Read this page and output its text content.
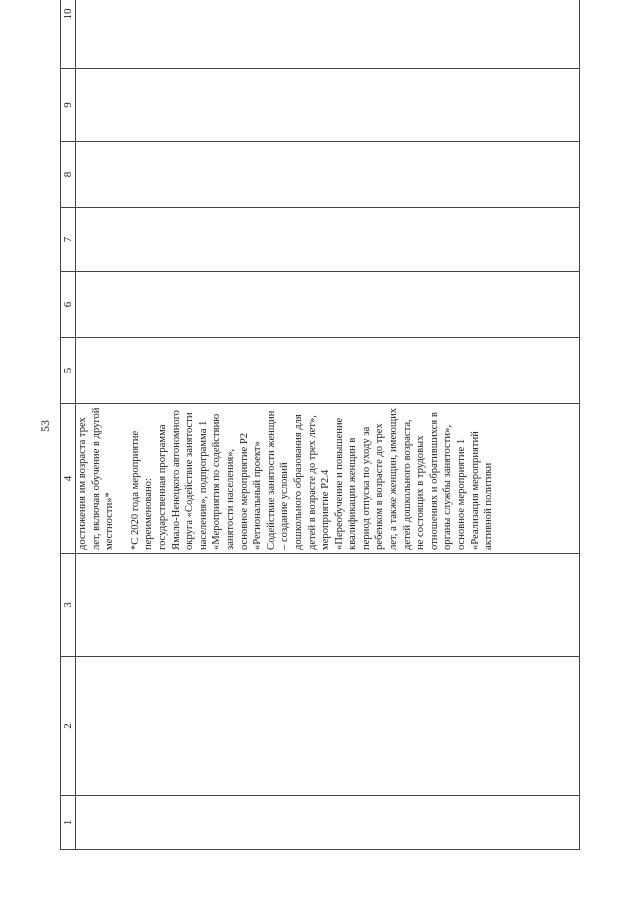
53
1	2	3	4	5	6	7	8	9	10

			достижения им возраста трех лет, включая обучение в другой местности»* *С 2020 года мероприятие переименовано: государственная программа Ямало-Ненецкого автономного округа «Содействие занятости населения», подпрограмма 1 «Мероприятия по содействию занятости населения», основное мероприятие Р2 «Региональный проект» Содействие занятости женщин – создание условий дошкольного образования для детей в возрасте до трех лет», мероприятие Р2.4 «Переобучение и повышение квалификации женщин в период отпуска по уходу за ребенком в возрасте до трех лет, а также женщин, имеющих детей дошкольного возраста, не состоящих в трудовых отношениях и обратившихся в органы службы занятости», основное мероприятие 1 «Реализация мероприятий активной политики						
